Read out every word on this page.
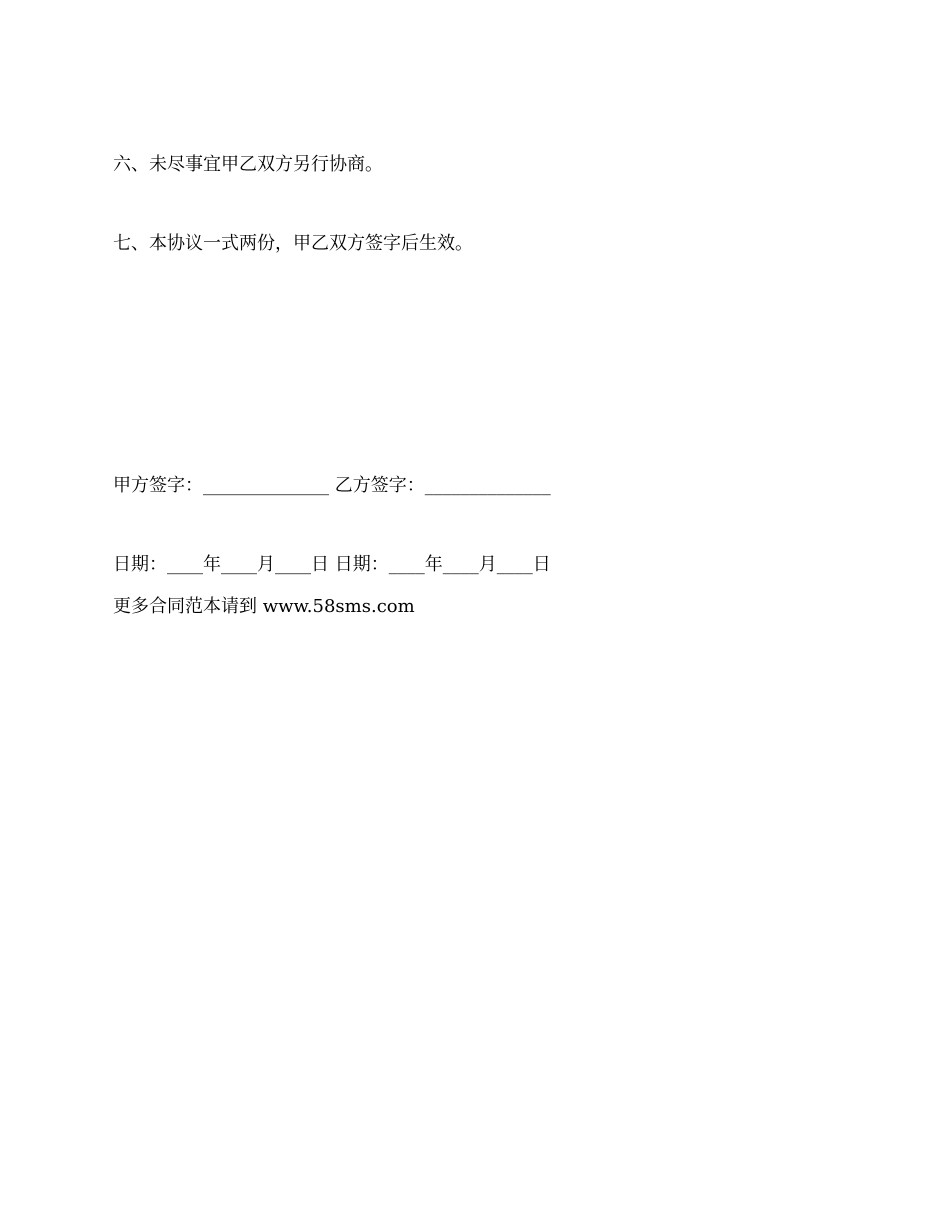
六、未尽事宜甲乙双方另行协商。
七、本协议一式两份，甲乙双方签字后生效。
甲方签字：______________ 乙方签字：______________
日期：____年____月____日 日期：____年____月____日
更多合同范本请到 www.58sms.com
